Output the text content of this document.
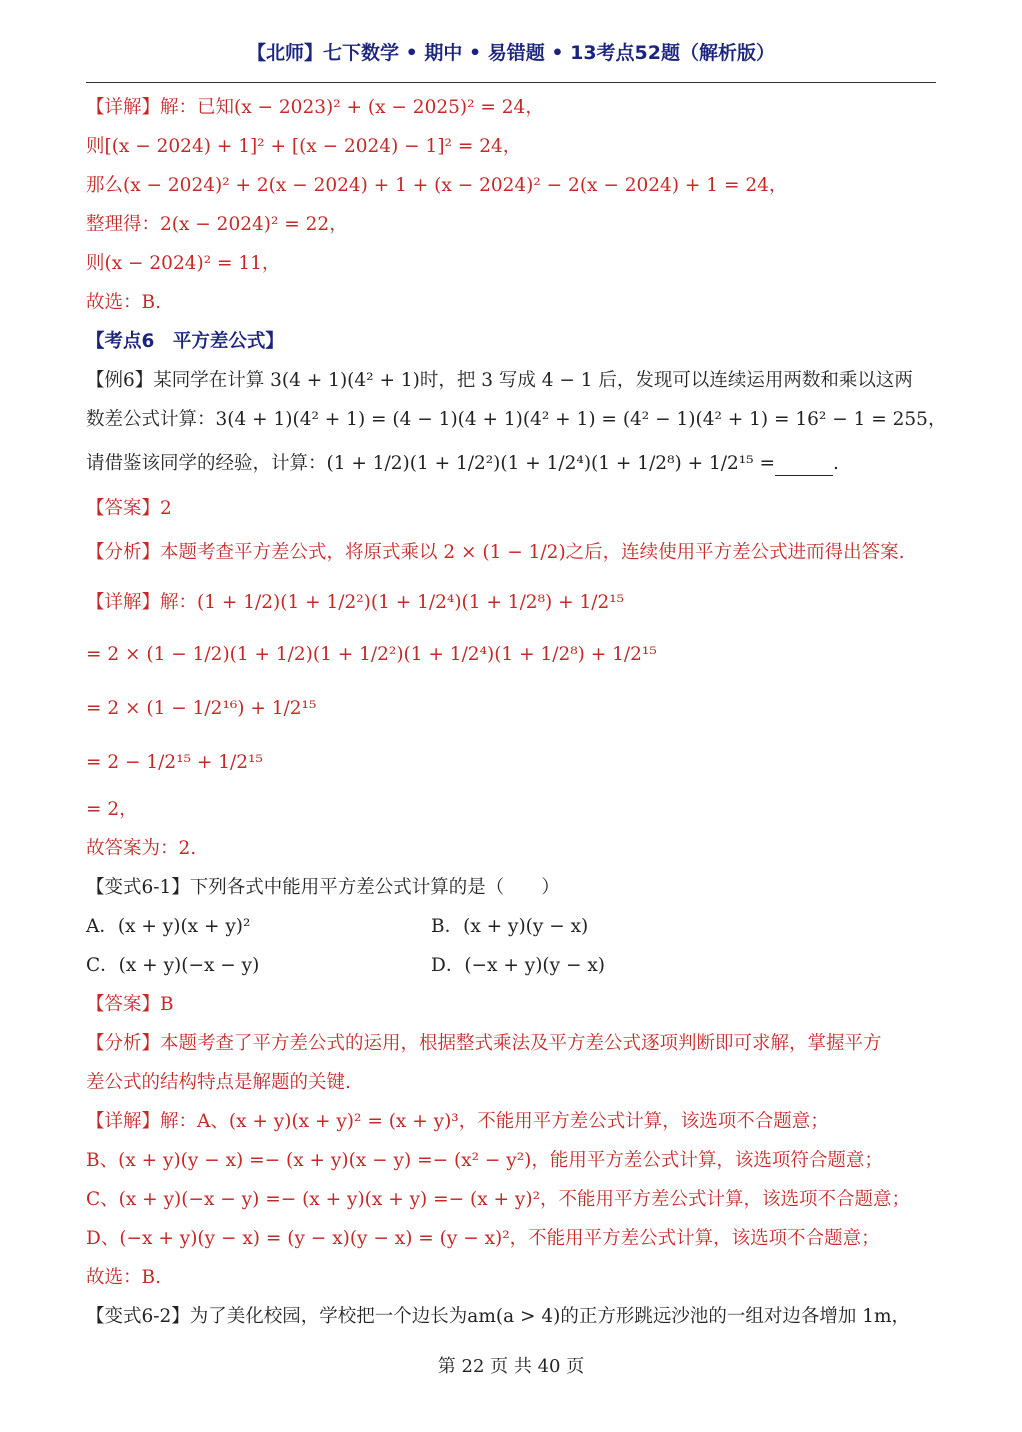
【北师】七下数学 • 期中 • 易错题 • 13考点52题（解析版）
【详解】解：已知(x − 2023)² + (x − 2025)² = 24，
则[(x − 2024) + 1]² + [(x − 2024) − 1]² = 24，
那么(x − 2024)² + 2(x − 2024) + 1 + (x − 2024)² − 2(x − 2024) + 1 = 24，
整理得：2(x − 2024)² = 22，
则(x − 2024)² = 11，
故选：B.
【考点6　平方差公式】
【例6】某同学在计算 3(4 + 1)(4² + 1)时，把 3 写成 4 − 1 后，发现可以连续运用两数和乘以这两
数差公式计算：3(4 + 1)(4² + 1) = (4 − 1)(4 + 1)(4² + 1) = (4² − 1)(4² + 1) = 16² − 1 = 255，
请借鉴该同学的经验，计算：(1 + 1/2)(1 + 1/2²)(1 + 1/2⁴)(1 + 1/2⁸) + 1/2¹⁵ =	.
【答案】2
【分析】本题考查平方差公式，将原式乘以 2 × (1 − 1/2)之后，连续使用平方差公式进而得出答案.
【详解】解：(1 + 1/2)(1 + 1/2²)(1 + 1/2⁴)(1 + 1/2⁸) + 1/2¹⁵
= 2 × (1 − 1/2)(1 + 1/2)(1 + 1/2²)(1 + 1/2⁴)(1 + 1/2⁸) + 1/2¹⁵
= 2 × (1 − 1/2¹⁶) + 1/2¹⁵
= 2 − 1/2¹⁵ + 1/2¹⁵
= 2，
故答案为：2.
【变式6-1】下列各式中能用平方差公式计算的是（　　）
A．(x + y)(x + y)²	B．(x + y)(y − x)
C．(x + y)(−x − y)	D．(−x + y)(y − x)
【答案】B
【分析】本题考查了平方差公式的运用，根据整式乘法及平方差公式逐项判断即可求解，掌握平方
差公式的结构特点是解题的关键.
【详解】解：A、(x + y)(x + y)² = (x + y)³，不能用平方差公式计算，该选项不合题意；
B、(x + y)(y − x) =− (x + y)(x − y) =− (x² − y²)，能用平方差公式计算，该选项符合题意；
C、(x + y)(−x − y) =− (x + y)(x + y) =− (x + y)²，不能用平方差公式计算，该选项不合题意；
D、(−x + y)(y − x) = (y − x)(y − x) = (y − x)²，不能用平方差公式计算，该选项不合题意；
故选：B.
【变式6-2】为了美化校园，学校把一个边长为am(a > 4)的正方形跳远沙池的一组对边各增加 1m，
第 22 页 共 40 页
